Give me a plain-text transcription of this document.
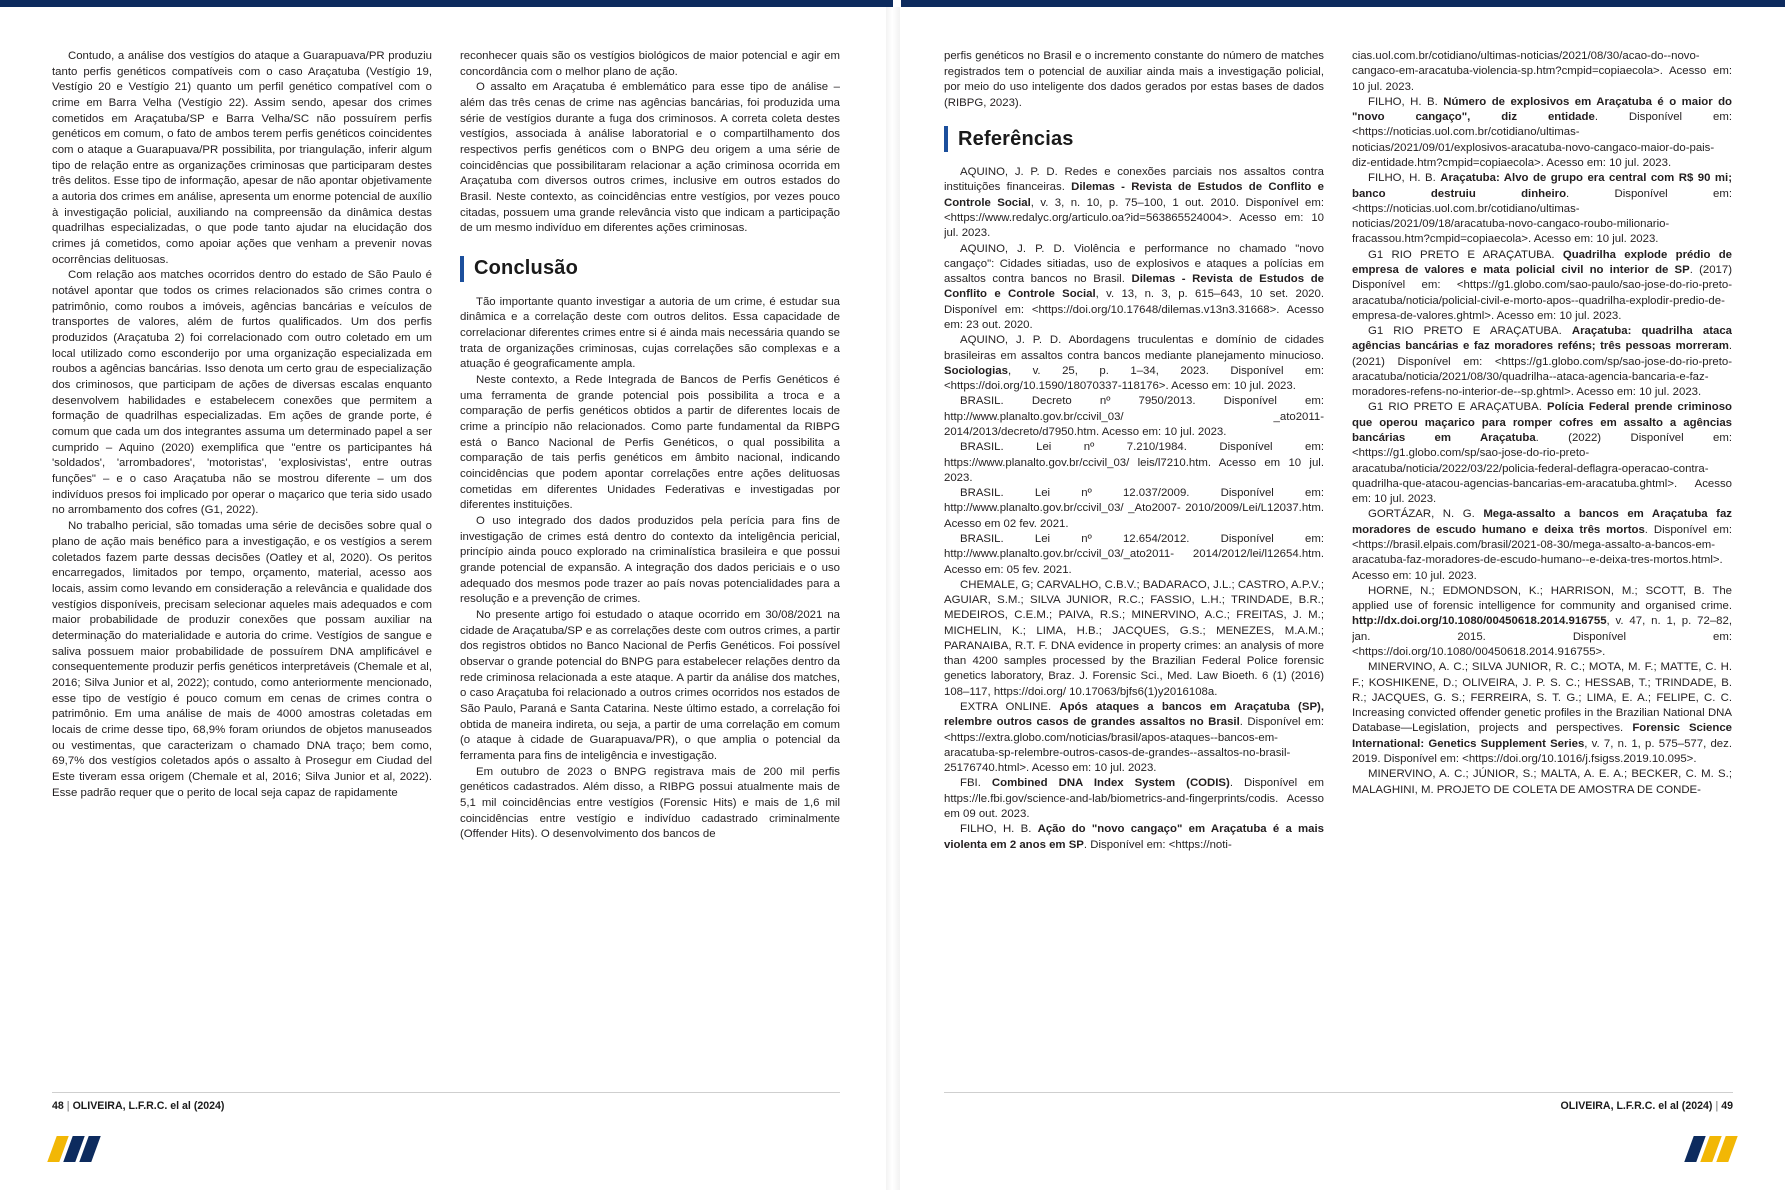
Contudo, a análise dos vestígios do ataque a Guarapuava/PR produziu tanto perfis genéticos compatíveis com o caso Araçatuba (Vestígio 19, Vestígio 20 e Vestígio 21) quanto um perfil genético compatível com o crime em Barra Velha (Vestígio 22). Assim sendo, apesar dos crimes cometidos em Araçatuba/SP e Barra Velha/SC não possuírem perfis genéticos em comum, o fato de ambos terem perfis genéticos coincidentes com o ataque a Guarapuava/PR possibilita, por triangulação, inferir algum tipo de relação entre as organizações criminosas que participaram destes três delitos. Esse tipo de informação, apesar de não apontar objetivamente a autoria dos crimes em análise, apresenta um enorme potencial de auxílio à investigação policial, auxiliando na compreensão da dinâmica destas quadrilhas especializadas, o que pode tanto ajudar na elucidação dos crimes já cometidos, como apoiar ações que venham a prevenir novas ocorrências delituosas.

Com relação aos matches ocorridos dentro do estado de São Paulo é notável apontar que todos os crimes relacionados são crimes contra o patrimônio, como roubos a imóveis, agências bancárias e veículos de transportes de valores, além de furtos qualificados. Um dos perfis produzidos (Araçatuba 2) foi correlacionado com outro coletado em um local utilizado como esconderijo por uma organização especializada em roubos a agências bancárias. Isso denota um certo grau de especialização dos criminosos, que participam de ações de diversas escalas enquanto desenvolvem habilidades e estabelecem conexões que permitem a formação de quadrilhas especializadas. Em ações de grande porte, é comum que cada um dos integrantes assuma um determinado papel a ser cumprido – Aquino (2020) exemplifica que "entre os participantes há 'soldados', 'arrombadores', 'motoristas', 'explosivistas', entre outras funções" – e o caso Araçatuba não se mostrou diferente – um dos indivíduos presos foi implicado por operar o maçarico que teria sido usado no arrombamento dos cofres (G1, 2022).

No trabalho pericial, são tomadas uma série de decisões sobre qual o plano de ação mais benéfico para a investigação, e os vestígios a serem coletados fazem parte dessas decisões (Oatley et al, 2020). Os peritos encarregados, limitados por tempo, orçamento, material, acesso aos locais, assim como levando em consideração a relevância e qualidade dos vestígios disponíveis, precisam selecionar aqueles mais adequados e com maior probabilidade de produzir conexões que possam auxiliar na determinação do materialidade e autoria do crime. Vestígios de sangue e saliva possuem maior probabilidade de possuírem DNA amplificável e consequentemente produzir perfis genéticos interpretáveis (Chemale et al, 2016; Silva Junior et al, 2022); contudo, como anteriormente mencionado, esse tipo de vestígio é pouco comum em cenas de crimes contra o patrimônio. Em uma análise de mais de 4000 amostras coletadas em locais de crime desse tipo, 68,9% foram oriundos de objetos manuseados ou vestimentas, que caracterizam o chamado DNA traço; bem como, 69,7% dos vestígios coletados após o assalto à Prosegur em Ciudad del Este tiveram essa origem (Chemale et al, 2016; Silva Junior et al, 2022). Esse padrão requer que o perito de local seja capaz de rapidamente

reconhecer quais são os vestígios biológicos de maior potencial e agir em concordância com o melhor plano de ação.

O assalto em Araçatuba é emblemático para esse tipo de análise – além das três cenas de crime nas agências bancárias, foi produzida uma série de vestígios durante a fuga dos criminosos. A correta coleta destes vestígios, associada à análise laboratorial e o compartilhamento dos respectivos perfis genéticos com o BNPG deu origem a uma série de coincidências que possibilitaram relacionar a ação criminosa ocorrida em Araçatuba com diversos outros crimes, inclusive em outros estados do Brasil. Neste contexto, as coincidências entre vestígios, por vezes pouco citadas, possuem uma grande relevância visto que indicam a participação de um mesmo indivíduo em diferentes ações criminosas.

Conclusão

Tão importante quanto investigar a autoria de um crime, é estudar sua dinâmica e a correlação deste com outros delitos. Essa capacidade de correlacionar diferentes crimes entre si é ainda mais necessária quando se trata de organizações criminosas, cujas correlações são complexas e a atuação é geograficamente ampla.

Neste contexto, a Rede Integrada de Bancos de Perfis Genéticos é uma ferramenta de grande potencial pois possibilita a troca e a comparação de perfis genéticos obtidos a partir de diferentes locais de crime a princípio não relacionados. Como parte fundamental da RIBPG está o Banco Nacional de Perfis Genéticos, o qual possibilita a comparação de tais perfis genéticos em âmbito nacional, indicando coincidências que podem apontar correlações entre ações delituosas cometidas em diferentes Unidades Federativas e investigadas por diferentes instituições.

O uso integrado dos dados produzidos pela perícia para fins de investigação de crimes está dentro do contexto da inteligência pericial, princípio ainda pouco explorado na criminalística brasileira e que possui grande potencial de expansão. A integração dos dados periciais e o uso adequado dos mesmos pode trazer ao país novas potencialidades para a resolução e a prevenção de crimes.

No presente artigo foi estudado o ataque ocorrido em 30/08/2021 na cidade de Araçatuba/SP e as correlações deste com outros crimes, a partir dos registros obtidos no Banco Nacional de Perfis Genéticos. Foi possível observar o grande potencial do BNPG para estabelecer relações dentro da rede criminosa relacionada a este ataque. A partir da análise dos matches, o caso Araçatuba foi relacionado a outros crimes ocorridos nos estados de São Paulo, Paraná e Santa Catarina. Neste último estado, a correlação foi obtida de maneira indireta, ou seja, a partir de uma correlação em comum (o ataque à cidade de Guarapuava/PR), o que amplia o potencial da ferramenta para fins de inteligência e investigação.

Em outubro de 2023 o BNPG registrava mais de 200 mil perfis genéticos cadastrados. Além disso, a RIBPG possui atualmente mais de 5,1 mil coincidências entre vestígios (Forensic Hits) e mais de 1,6 mil coincidências entre vestígio e indivíduo cadastrado criminalmente (Offender Hits). O desenvolvimento dos bancos de

48 | OLIVEIRA, L.F.R.C. el al (2024)

perfis genéticos no Brasil e o incremento constante do número de matches registrados tem o potencial de auxiliar ainda mais a investigação policial, por meio do uso inteligente dos dados gerados por estas bases de dados (RIBPG, 2023).

Referências

AQUINO, J. P. D. Redes e conexões parciais nos assaltos contra instituições financeiras. Dilemas - Revista de Estudos de Conflito e Controle Social, v. 3, n. 10, p. 75–100, 1 out. 2010. Disponível em: <https://www.redalyc.org/articulo.oa?id=563865524004>. Acesso em: 10 jul. 2023.

AQUINO, J. P. D. Violência e performance no chamado "novo cangaço": Cidades sitiadas, uso de explosivos e ataques a polícias em assaltos contra bancos no Brasil. Dilemas - Revista de Estudos de Conflito e Controle Social, v. 13, n. 3, p. 615–643, 10 set. 2020. Disponível em: <https://doi.org/10.17648/dilemas.v13n3.31668>. Acesso em: 23 out. 2020.

AQUINO, J. P. D. Abordagens truculentas e domínio de cidades brasileiras em assaltos contra bancos mediante planejamento minucioso. Sociologias, v. 25, p. 1–34, 2023. Disponível em: <https://doi.org/10.1590/18070337-118176>. Acesso em: 10 jul. 2023.

BRASIL. Decreto nº 7950/2013. Disponível em: http://www.planalto.gov.br/ccivil_03/ _ato2011-2014/2013/decreto/d7950.htm. Acesso em: 10 jul. 2023.

BRASIL. Lei nº 7.210/1984. Disponível em: https://www.planalto.gov.br/ccivil_03/ leis/l7210.htm. Acesso em 10 jul. 2023.

BRASIL. Lei nº 12.037/2009. Disponível em: http://www.planalto.gov.br/ccivil_03/ _Ato2007- 2010/2009/Lei/L12037.htm. Acesso em 02 fev. 2021.

BRASIL. Lei nº 12.654/2012. Disponível em: http://www.planalto.gov.br/ccivil_03/_ato2011- 2014/2012/lei/l12654.htm. Acesso em: 05 fev. 2021.

CHEMALE, G; CARVALHO, C.B.V.; BADARACO, J.L.; CASTRO, A.P.V.; AGUIAR, S.M.; SILVA JUNIOR, R.C.; FASSIO, L.H.; TRINDADE, B.R.; MEDEIROS, C.E.M.; PAIVA, R.S.; MINERVINO, A.C.; FREITAS, J. M.; MICHELIN, K.; LIMA, H.B.; JACQUES, G.S.; MENEZES, M.A.M.; PARANAIBA, R.T. F. DNA evidence in property crimes: an analysis of more than 4200 samples processed by the Brazilian Federal Police forensic genetics laboratory, Braz. J. Forensic Sci., Med. Law Bioeth. 6 (1) (2016) 108–117, https://doi.org/ 10.17063/bjfs6(1)y2016108a.

EXTRA ONLINE. Após ataques a bancos em Araçatuba (SP), relembre outros casos de grandes assaltos no Brasil. Disponível em: <https://extra.globo.com/noticias/brasil/apos-ataques--bancos-em-aracatuba-sp-relembre-outros-casos-de-grandes--assaltos-no-brasil-25176740.html>. Acesso em: 10 jul. 2023.

FBI. Combined DNA Index System (CODIS). Disponível em https://le.fbi.gov/science-and-lab/biometrics-and-fingerprints/codis. Acesso em 09 out. 2023.

FILHO, H. B. Ação do "novo cangaço" em Araçatuba é a mais violenta em 2 anos em SP. Disponível em: <https://noti-

cias.uol.com.br/cotidiano/ultimas-noticias/2021/08/30/acao-do--novo-cangaco-em-aracatuba-violencia-sp.htm?cmpid=copiaecola>. Acesso em: 10 jul. 2023.

FILHO, H. B. Número de explosivos em Araçatuba é o maior do "novo cangaço", diz entidade. Disponível em: <https://noticias.uol.com.br/cotidiano/ultimas-noticias/2021/09/01/explosivos-aracatuba-novo-cangaco-maior-do-pais-diz-entidade.htm?cmpid=copiaecola>. Acesso em: 10 jul. 2023.

FILHO, H. B. Araçatuba: Alvo de grupo era central com R$ 90 mi; banco destruiu dinheiro. Disponível em: <https://noticias.uol.com.br/cotidiano/ultimas-noticias/2021/09/18/aracatuba-novo-cangaco-roubo-milionario-fracassou.htm?cmpid=copiaecola>. Acesso em: 10 jul. 2023.

G1 RIO PRETO E ARAÇATUBA. Quadrilha explode prédio de empresa de valores e mata policial civil no interior de SP. (2017) Disponível em: <https://g1.globo.com/sao-paulo/sao-jose-do-rio-preto-aracatuba/noticia/policial-civil-e-morto-apos--quadrilha-explodir-predio-de-empresa-de-valores.ghtml>. Acesso em: 10 jul. 2023.

G1 RIO PRETO E ARAÇATUBA. Araçatuba: quadrilha ataca agências bancárias e faz moradores reféns; três pessoas morreram. (2021) Disponível em: <https://g1.globo.com/sp/sao-jose-do-rio-preto-aracatuba/noticia/2021/08/30/quadrilha--ataca-agencia-bancaria-e-faz-moradores-refens-no-interior-de--sp.ghtml>. Acesso em: 10 jul. 2023.

G1 RIO PRETO E ARAÇATUBA. Polícia Federal prende criminoso que operou maçarico para romper cofres em assalto a agências bancárias em Araçatuba. (2022) Disponível em: <https://g1.globo.com/sp/sao-jose-do-rio-preto-aracatuba/noticia/2022/03/22/policia-federal-deflagra-operacao-contra-quadrilha-que-atacou-agencias-bancarias-em-aracatuba.ghtml>. Acesso em: 10 jul. 2023.

GORTÁZAR, N. G. Mega-assalto a bancos em Araçatuba faz moradores de escudo humano e deixa três mortos. Disponível em: <https://brasil.elpais.com/brasil/2021-08-30/mega-assalto-a-bancos-em-aracatuba-faz-moradores-de-escudo-humano--e-deixa-tres-mortos.html>. Acesso em: 10 jul. 2023.

HORNE, N.; EDMONDSON, K.; HARRISON, M.; SCOTT, B. The applied use of forensic intelligence for community and organised crime. http://dx.doi.org/10.1080/00450618.2014.916755, v. 47, n. 1, p. 72–82, jan. 2015. Disponível em: <https://doi.org/10.1080/00450618.2014.916755>.

MINERVINO, A. C.; SILVA JUNIOR, R. C.; MOTA, M. F.; MATTE, C. H. F.; KOSHIKENE, D.; OLIVEIRA, J. P. S. C.; HESSAB, T.; TRINDADE, B. R.; JACQUES, G. S.; FERREIRA, S. T. G.; LIMA, E. A.; FELIPE, C. C. Increasing convicted offender genetic profiles in the Brazilian National DNA Database—Legislation, projects and perspectives. Forensic Science International: Genetics Supplement Series, v. 7, n. 1, p. 575–577, dez. 2019. Disponível em: <https://doi.org/10.1016/j.fsigss.2019.10.095>.

MINERVINO, A. C.; JÚNIOR, S.; MALTA, A. E. A.; BECKER, C. M. S.; MALAGHINI, M. PROJETO DE COLETA DE AMOSTRA DE CONDE-

OLIVEIRA, L.F.R.C. el al (2024) | 49
